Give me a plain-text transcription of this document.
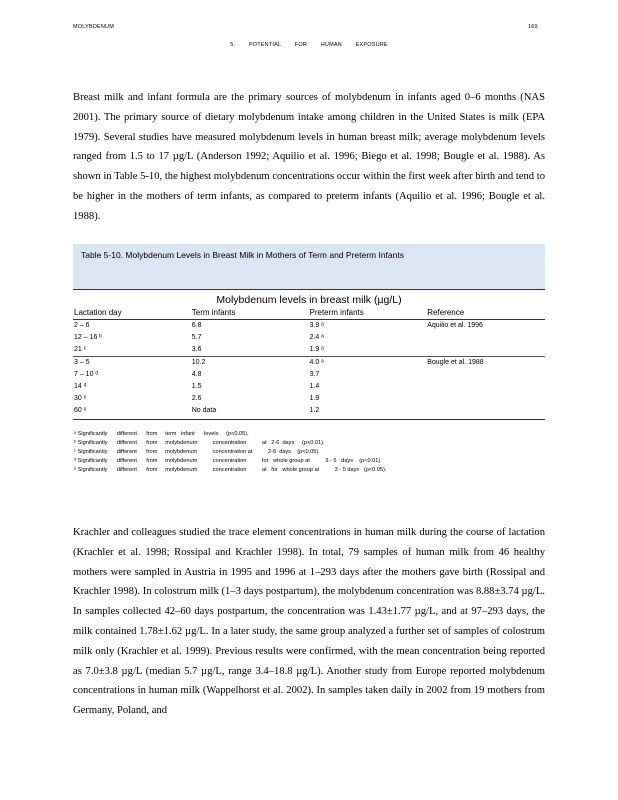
MOLYBDENUM	169
5. POTENTIAL FOR HUMAN EXPOSURE
Breast milk and infant formula are the primary sources of molybdenum in infants aged 0–6 months (NAS 2001). The primary source of dietary molybdenum intake among children in the United States is milk (EPA 1979). Several studies have measured molybdenum levels in human breast milk; average molybdenum levels ranged from 1.5 to 17 µg/L (Anderson 1992; Aquilio et al. 1996; Biego et al. 1998; Bougle et al. 1988). As shown in Table 5-10, the highest molybdenum concentrations occur within the first week after birth and tend to be higher in the mothers of term infants, as compared to preterm infants (Aquilio et al. 1996; Bougle et al. 1988).
Table 5-10. Molybdenum Levels in Breast Milk in Mothers of Term and Preterm Infants
Molybdenum levels in breast milk (µg/L)
Lactation day	Term infants	Preterm infants	Reference
2 – 6	6.8	3.9 ᵃ	Aquilio et al. 1996
12 – 16 ᵇ	5.7	2.4 ᵃ
21 ᶜ	3.6	1.9 ᵃ
3 – 5	10.2	4.0 ᵃ	Bougle et al. 1988
7 – 10 ᵈ	4.8	3.7
14 ᵈ	1.5	1.4
30 ᵉ	2.6	1.9
60 ᵉ	No data	1.2
ᵃ Significantly      different      from     term   infant      levels     (p<0.05).
ᵇ Significantly      different      from     molybdenum          concentration          at   2-6  days     (p<0.01).
ᶜ Significantly      different      from     molybdenum          concentration at          2-6  days    (p<0.05).
ᵈ Significantly      different      from     molybdenum          concentration          for   whole group at          3 - 5   days    (p<0.01).
ᵉ Significantly      different      from     molybdenum          concentration          at   for   whole group at          3 - 5 days   (p<0.05).
Krachler and colleagues studied the trace element concentrations in human milk during the course of lactation (Krachler et al. 1998; Rossipal and Krachler 1998). In total, 79 samples of human milk from 46 healthy mothers were sampled in Austria in 1995 and 1996 at 1–293 days after the mothers gave birth (Rossipal and Krachler 1998). In colostrum milk (1–3 days postpartum), the molybdenum concentration was 8.88±3.74 µg/L. In samples collected 42–60 days postpartum, the concentration was 1.43±1.77 µg/L, and at 97–293 days, the milk contained 1.78±1.62 µg/L. In a later study, the same group analyzed a further set of samples of colostrum milk only (Krachler et al. 1999). Previous results were confirmed, with the mean concentration being reported as 7.0±3.8 µg/L (median 5.7 µg/L, range 3.4–18.8 µg/L). Another study from Europe reported molybdenum concentrations in human milk (Wappelhorst et al. 2002). In samples taken daily in 2002 from 19 mothers from Germany, Poland, and
